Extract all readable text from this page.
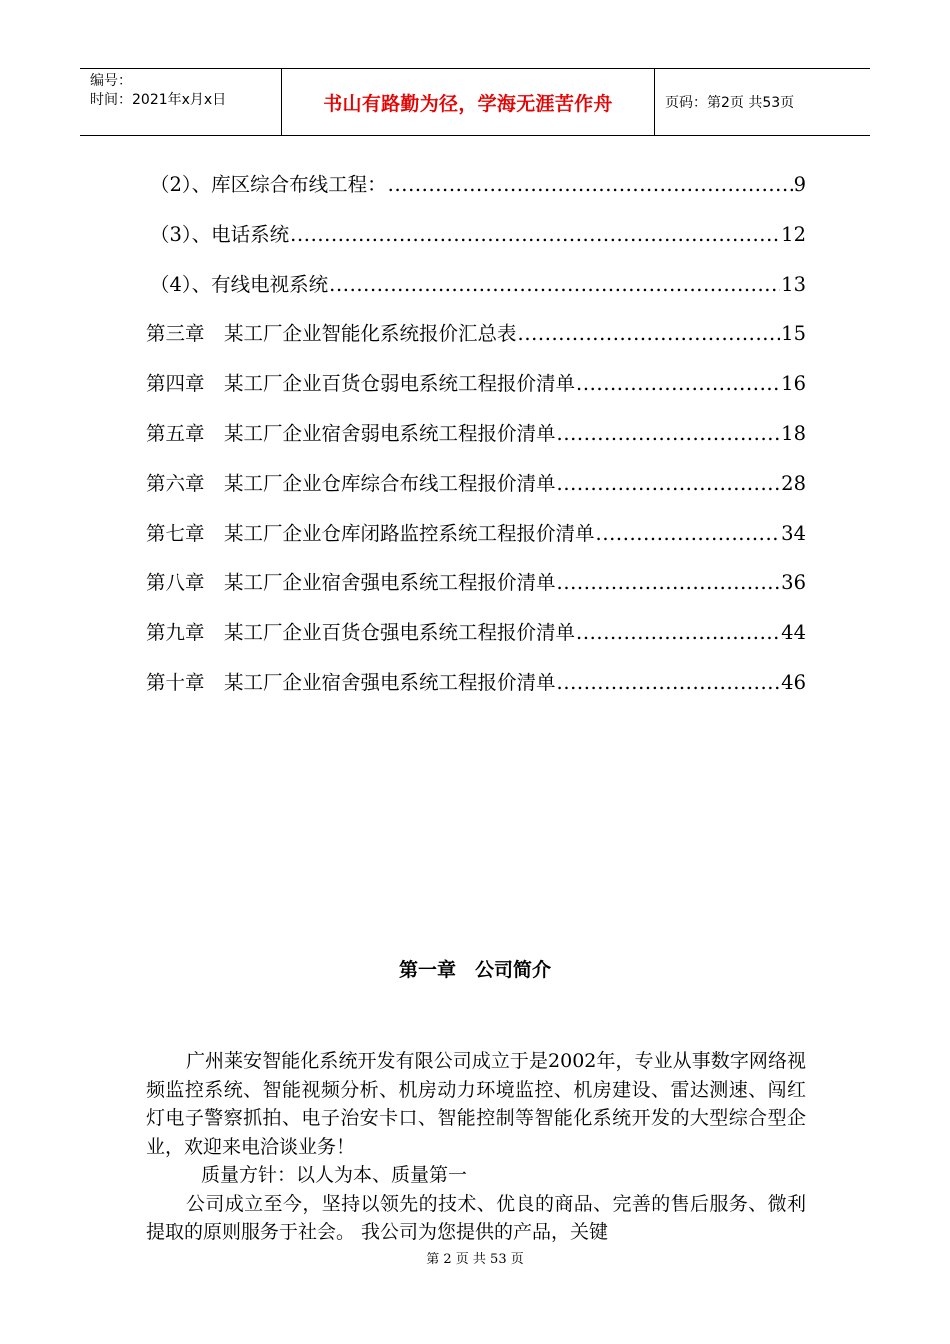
编号：
时间：2021年x月x日	书山有路勤为径，学海无涯苦作舟	页码：第2页 共53页
（2）、库区综合布线工程： .....	9
（3）、电话系统 .....	12
（4）、有线电视系统 .....	13
第三章　某工厂企业智能化系统报价汇总表 .....	15
第四章　某工厂企业百货仓弱电系统工程报价清单 .....	16
第五章　某工厂企业宿舍弱电系统工程报价清单 .....	18
第六章　某工厂企业仓库综合布线工程报价清单 .....	28
第七章　某工厂企业仓库闭路监控系统工程报价清单 .....	34
第八章　某工厂企业宿舍强电系统工程报价清单 .....	36
第九章　某工厂企业百货仓强电系统工程报价清单 .....	44
第十章　某工厂企业宿舍强电系统工程报价清单 .....	46
第一章　公司简介

广州莱安智能化系统开发有限公司成立于是2002年，专业从事数字网络视频监控系统、智能视频分析、机房动力环境监控、机房建设、雷达测速、闯红灯电子警察抓拍、电子治安卡口、智能控制等智能化系统开发的大型综合型企业，欢迎来电洽谈业务！

质量方针：以人为本、质量第一

公司成立至今，坚持以领先的技术、优良的商品、完善的售后服务、微利提取的原则服务于社会。 我公司为您提供的产品，关键

第 2 页 共 53 页
